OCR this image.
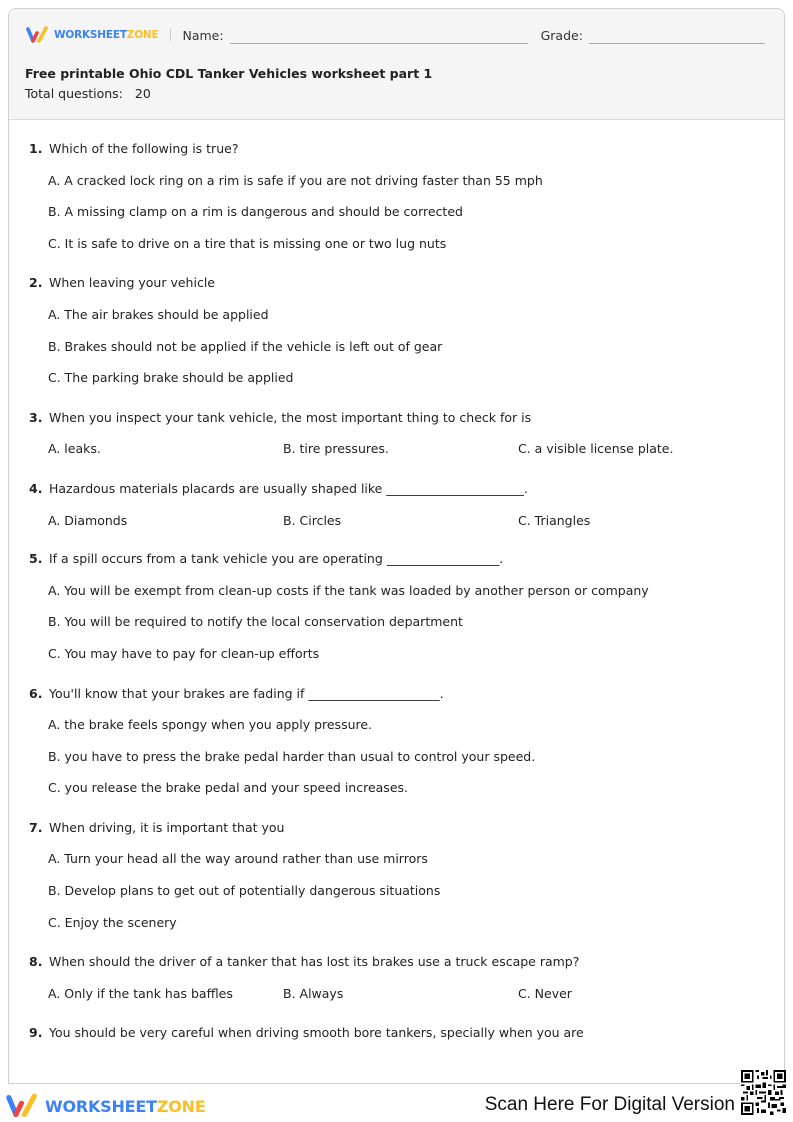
WORKSHEETZONE Name:	Grade:
Free printable Ohio CDL Tanker Vehicles worksheet part 1
Total questions: 20
1. Which of the following is true?
A. A cracked lock ring on a rim is safe if you are not driving faster than 55 mph
B. A missing clamp on a rim is dangerous and should be corrected
C. It is safe to drive on a tire that is missing one or two lug nuts
2. When leaving your vehicle
A. The air brakes should be applied
B. Brakes should not be applied if the vehicle is left out of gear
C. The parking brake should be applied
3. When you inspect your tank vehicle, the most important thing to check for is
A. leaks.	B. tire pressures.	C. a visible license plate.
4. Hazardous materials placards are usually shaped like ______________________.
A. Diamonds	B. Circles	C. Triangles
5. If a spill occurs from a tank vehicle you are operating __________________.
A. You will be exempt from clean-up costs if the tank was loaded by another person or company
B. You will be required to notify the local conservation department
C. You may have to pay for clean-up efforts
6. You'll know that your brakes are fading if _____________________.
A. the brake feels spongy when you apply pressure.
B. you have to press the brake pedal harder than usual to control your speed.
C. you release the brake pedal and your speed increases.
7. When driving, it is important that you
A. Turn your head all the way around rather than use mirrors
B. Develop plans to get out of potentially dangerous situations
C. Enjoy the scenery
8. When should the driver of a tanker that has lost its brakes use a truck escape ramp?
A. Only if the tank has baffles	B. Always	C. Never
9. You should be very careful when driving smooth bore tankers, specially when you are
WORKSHEETZONE	Scan Here For Digital Version
